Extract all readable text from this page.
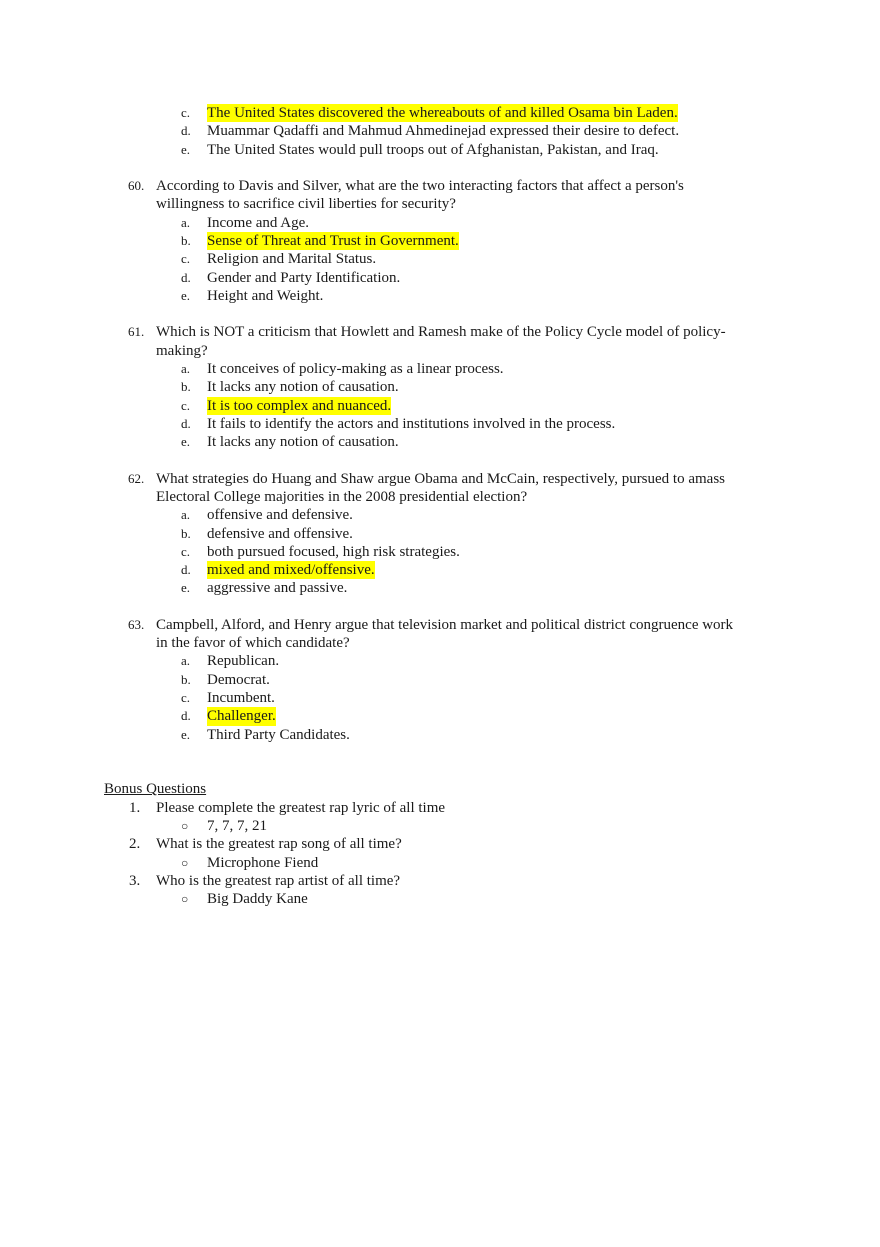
c.	The United States discovered the whereabouts of and killed Osama bin Laden.
d.	Muammar Qadaffi and Mahmud Ahmedinejad expressed their desire to defect.
e.	The United States would pull troops out of Afghanistan, Pakistan, and Iraq.
60. According to Davis and Silver, what are the two interacting factors that affect a person's
willingness to sacrifice civil liberties for security?
a.	Income and Age.
b.	Sense of Threat and Trust in Government.
c.	Religion and Marital Status.
d.	Gender and Party Identification.
e.	Height and Weight.
61. Which is NOT a criticism that Howlett and Ramesh make of the Policy Cycle model of policy-
making?
a.	It conceives of policy-making as a linear process.
b.	It lacks any notion of causation.
c.	It is too complex and nuanced.
d.	It fails to identify the actors and institutions involved in the process.
e.	It lacks any notion of causation.
62. What strategies do Huang and Shaw argue Obama and McCain, respectively, pursued to amass
Electoral College majorities in the 2008 presidential election?
a.	offensive and defensive.
b.	defensive and offensive.
c.	both pursued focused, high risk strategies.
d.	mixed and mixed/offensive.
e.	aggressive and passive.
63. Campbell, Alford, and Henry argue that television market and political district congruence work
in the favor of which candidate?
a.	Republican.
b.	Democrat.
c.	Incumbent.
d.	Challenger.
e.	Third Party Candidates.
Bonus Questions
1. Please complete the greatest rap lyric of all time
○ 7, 7, 7, 21
2. What is the greatest rap song of all time?
○ Microphone Fiend
3. Who is the greatest rap artist of all time?
○ Big Daddy Kane
